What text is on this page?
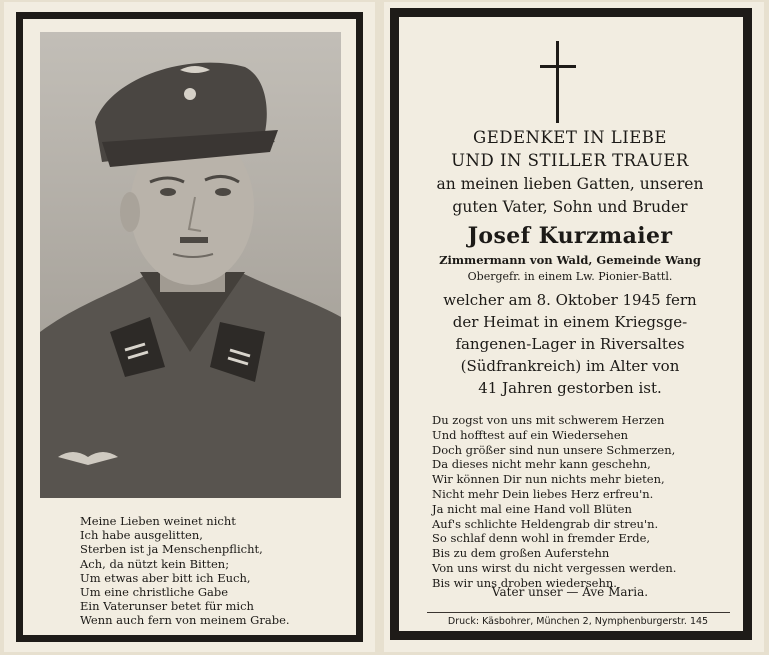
Meine Lieben weinet nicht
Ich habe ausgelitten,
Sterben ist ja Menschenpflicht,
Ach, da nützt kein Bitten;
Um etwas aber bitt ich Euch,
Um eine christliche Gabe
Ein Vaterunser betet für mich
Wenn auch fern von meinem Grabe.
GEDENKET IN LIEBE
UND IN STILLER TRAUER
an meinen lieben Gatten, unseren
guten Vater, Sohn und Bruder
Josef Kurzmaier
Zimmermann von Wald, Gemeinde Wang
Obergefr. in einem Lw. Pionier-Battl.
welcher am 8. Oktober 1945 fern
der Heimat in einem Kriegsge-
fangenen-Lager in Riversaltes
(Südfrankreich) im Alter von
41 Jahren gestorben ist.
Du zogst von uns mit schwerem Herzen
Und hofftest auf ein Wiedersehen
Doch größer sind nun unsere Schmerzen,
Da dieses nicht mehr kann geschehn,
Wir können Dir nun nichts mehr bieten,
Nicht mehr Dein liebes Herz erfreu'n.
Ja nicht mal eine Hand voll Blüten
Auf's schlichte Heldengrab dir streu'n.
So schlaf denn wohl in fremder Erde,
Bis zu dem großen Auferstehn
Von uns wirst du nicht vergessen werden.
Bis wir uns droben wiedersehn.
Vater unser — Ave Maria.
Druck: Käsbohrer, München 2, Nymphenburgerstr. 145
